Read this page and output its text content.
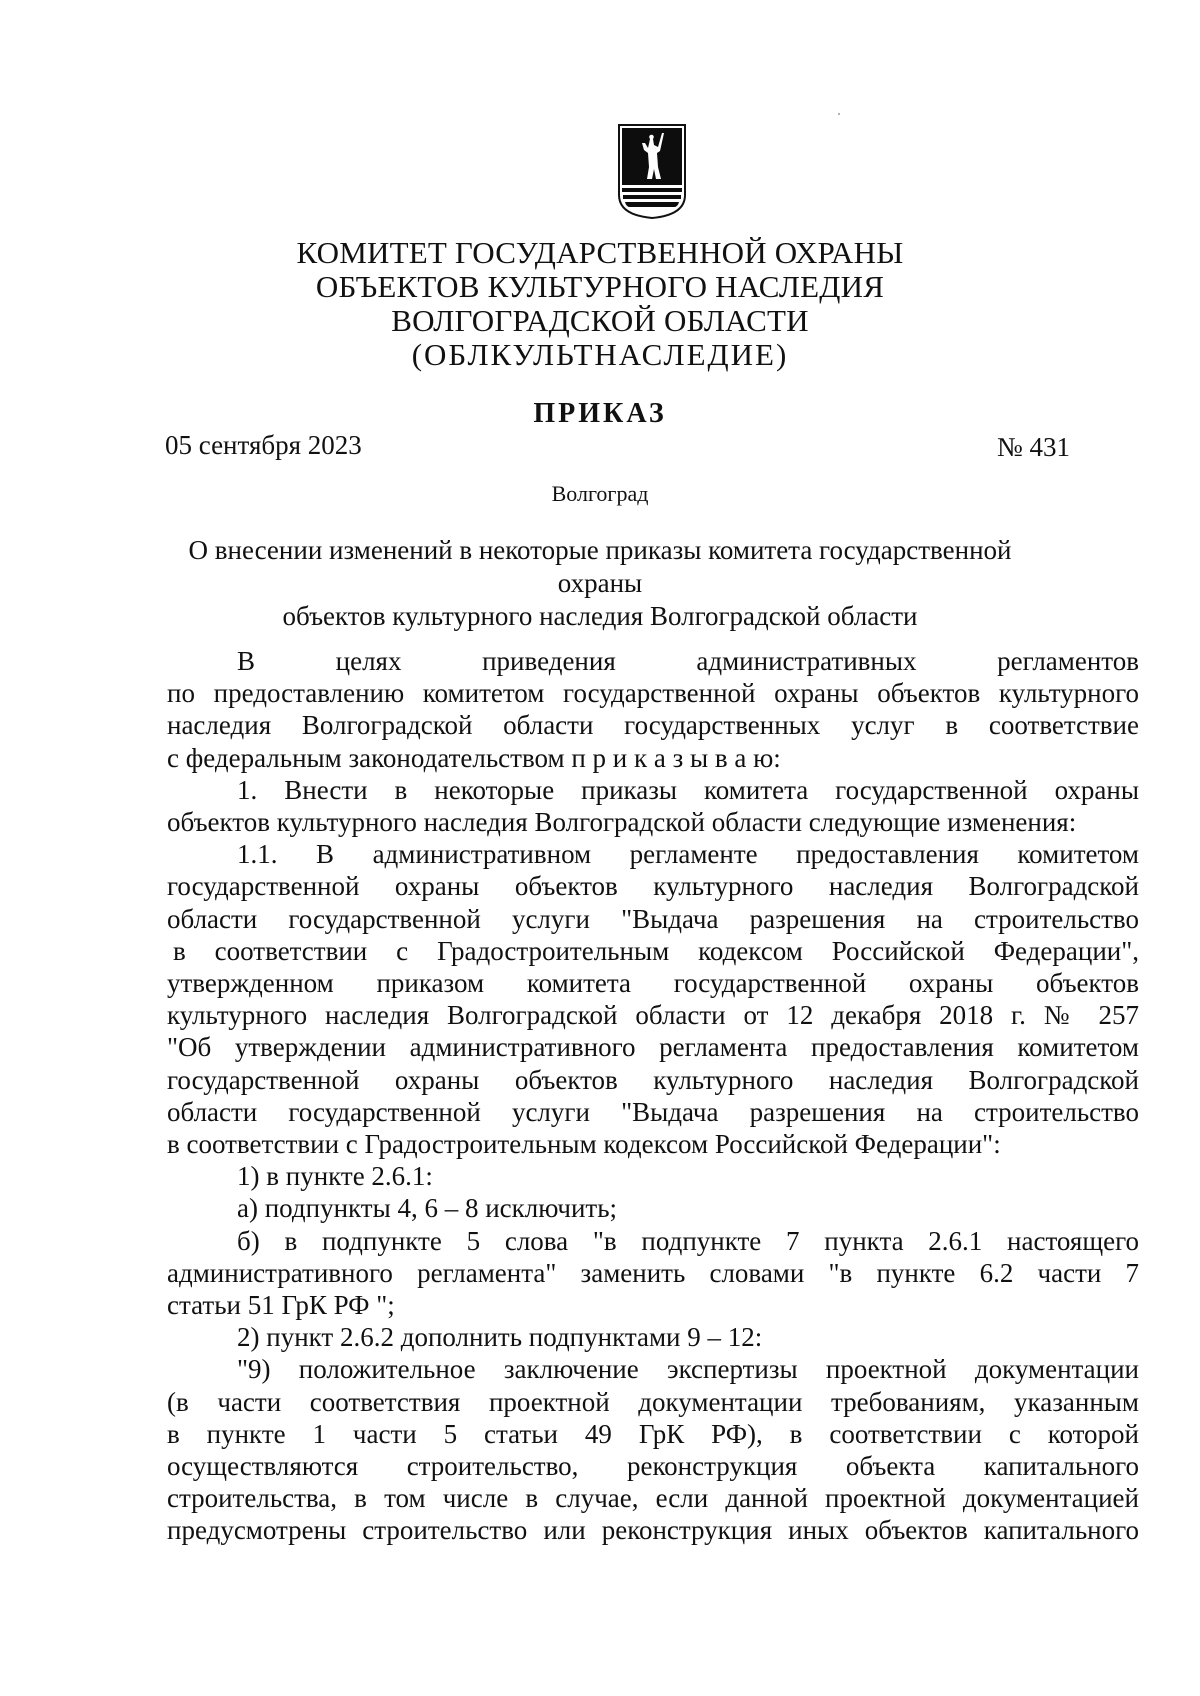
КОМИТЕТ ГОСУДАРСТВЕННОЙ ОХРАНЫ
ОБЪЕКТОВ КУЛЬТУРНОГО НАСЛЕДИЯ
ВОЛГОГРАДСКОЙ ОБЛАСТИ
(ОБЛКУЛЬТНАСЛЕДИЕ)
ПРИКАЗ
05 сентября 2023	№ 431
Волгоград
О внесении изменений в некоторые приказы комитета государственной охраны
объектов культурного наследия Волгоградской области
В целях приведения административных регламентов
по предоставлению комитетом государственной охраны объектов культурного
наследия Волгоградской области государственных услуг в соответствие
с федеральным законодательством п р и к а з ы в а ю:
1. Внести в некоторые приказы комитета государственной охраны
объектов культурного наследия Волгоградской области следующие изменения:
1.1. В административном регламенте предоставления комитетом
государственной охраны объектов культурного наследия Волгоградской
области государственной услуги "Выдача разрешения на строительство
в соответствии с Градостроительным кодексом Российской Федерации",
утвержденном приказом комитета государственной охраны объектов
культурного наследия Волгоградской области от 12 декабря 2018 г. № 257
"Об утверждении административного регламента предоставления комитетом
государственной охраны объектов культурного наследия Волгоградской
области государственной услуги "Выдача разрешения на строительство
в соответствии с Градостроительным кодексом Российской Федерации":
1) в пункте 2.6.1:
а) подпункты 4, 6 – 8 исключить;
б) в подпункте 5 слова "в подпункте 7 пункта 2.6.1 настоящего
административного регламента" заменить словами "в пункте 6.2 части 7
статьи 51 ГрК РФ ";
2) пункт 2.6.2 дополнить подпунктами 9 – 12:
"9) положительное заключение экспертизы проектной документации
(в части соответствия проектной документации требованиям, указанным
в пункте 1 части 5 статьи 49 ГрК РФ), в соответствии с которой
осуществляются строительство, реконструкция объекта капитального
строительства, в том числе в случае, если данной проектной документацией
предусмотрены строительство или реконструкция иных объектов капитального
